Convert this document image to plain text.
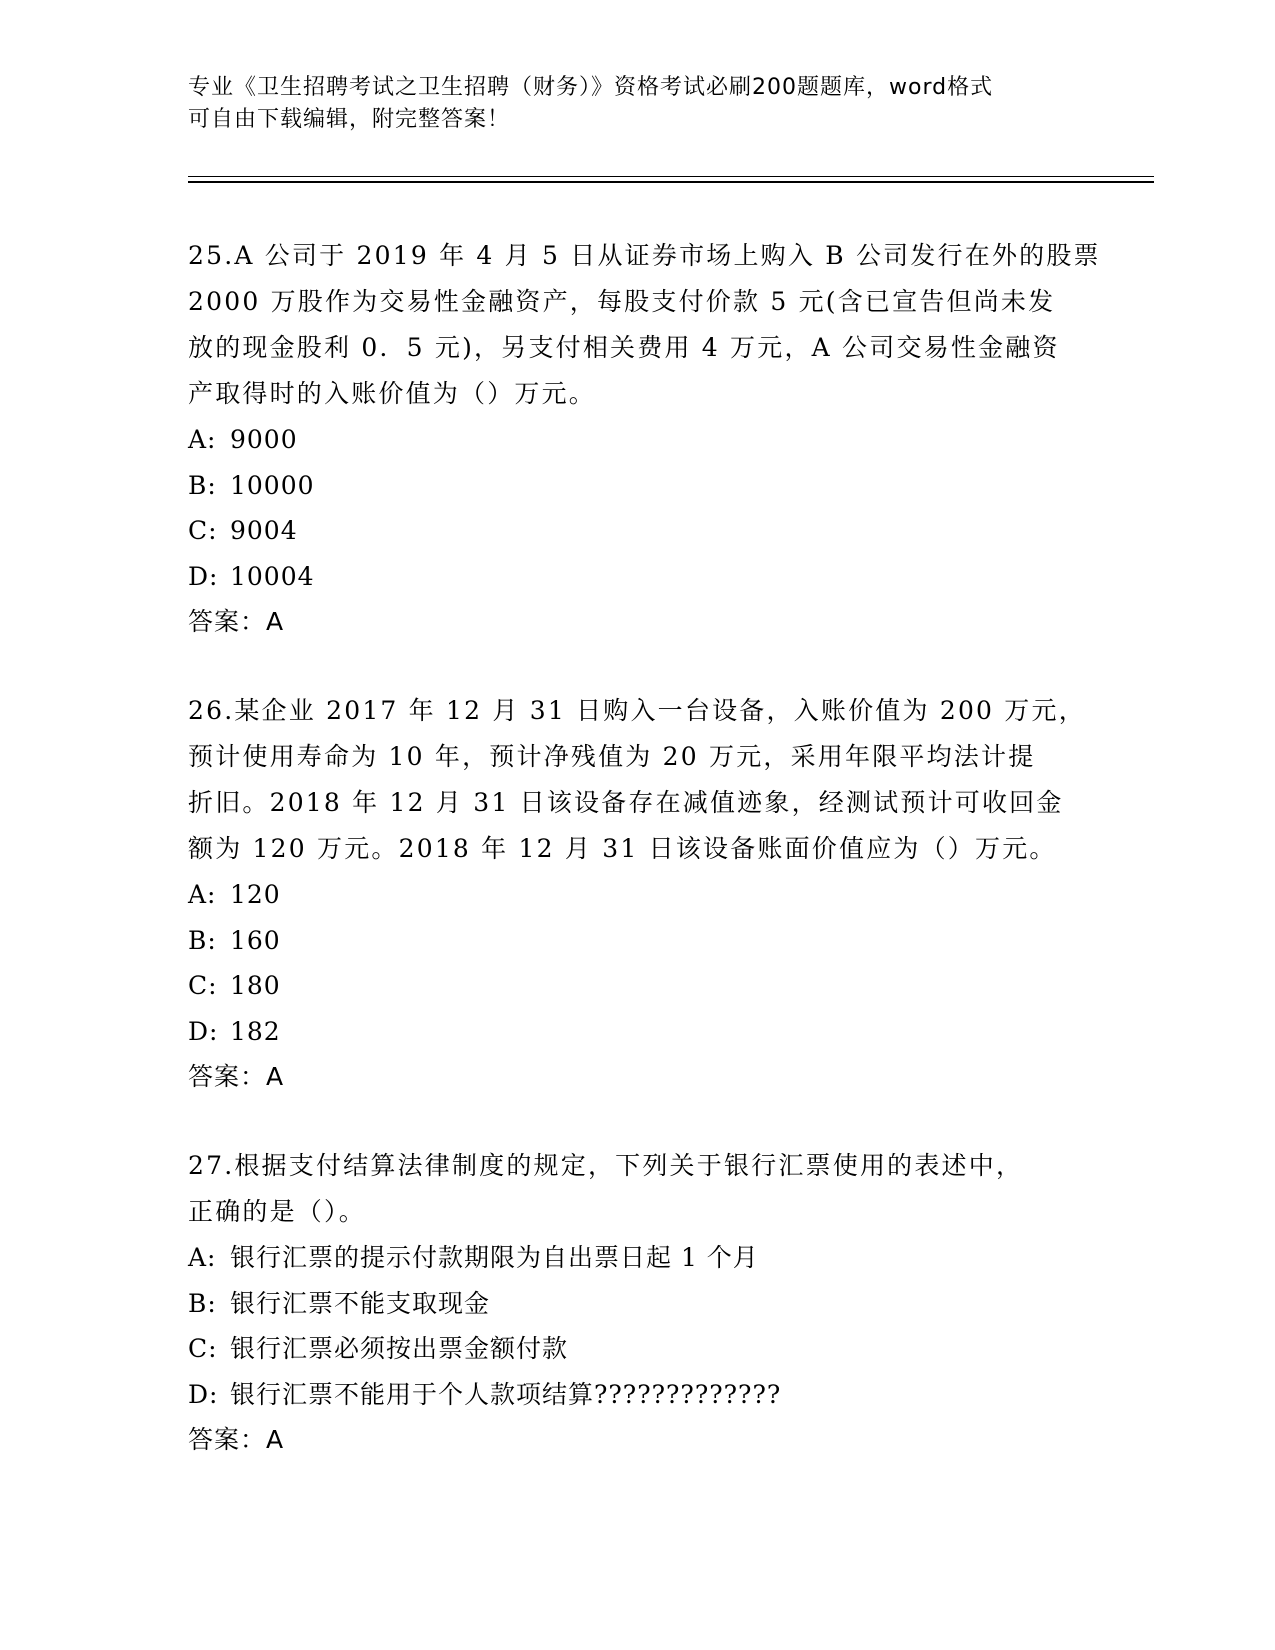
专业《卫生招聘考试之卫生招聘（财务）》资格考试必刷200题题库，word格式
可自由下载编辑，附完整答案！
25.A 公司于 2019 年 4 月 5 日从证券市场上购入 B 公司发行在外的股票
2000 万股作为交易性金融资产，每股支付价款 5 元(含已宣告但尚未发
放的现金股利 0．5 元)，另支付相关费用 4 万元，A 公司交易性金融资
产取得时的入账价值为（）万元。
A: 9000
B: 10000
C: 9004
D: 10004
答案：A
26.某企业 2017 年 12 月 31 日购入一台设备，入账价值为 200 万元，
预计使用寿命为 10 年，预计净残值为 20 万元，采用年限平均法计提
折旧。2018 年 12 月 31 日该设备存在减值迹象，经测试预计可收回金
额为 120 万元。2018 年 12 月 31 日该设备账面价值应为（）万元。
A: 120
B: 160
C: 180
D: 182
答案：A
27.根据支付结算法律制度的规定，下列关于银行汇票使用的表述中，
正确的是（）。
A: 银行汇票的提示付款期限为自出票日起 1 个月
B: 银行汇票不能支取现金
C: 银行汇票必须按出票金额付款
D: 银行汇票不能用于个人款项结算?????????????
答案：A
